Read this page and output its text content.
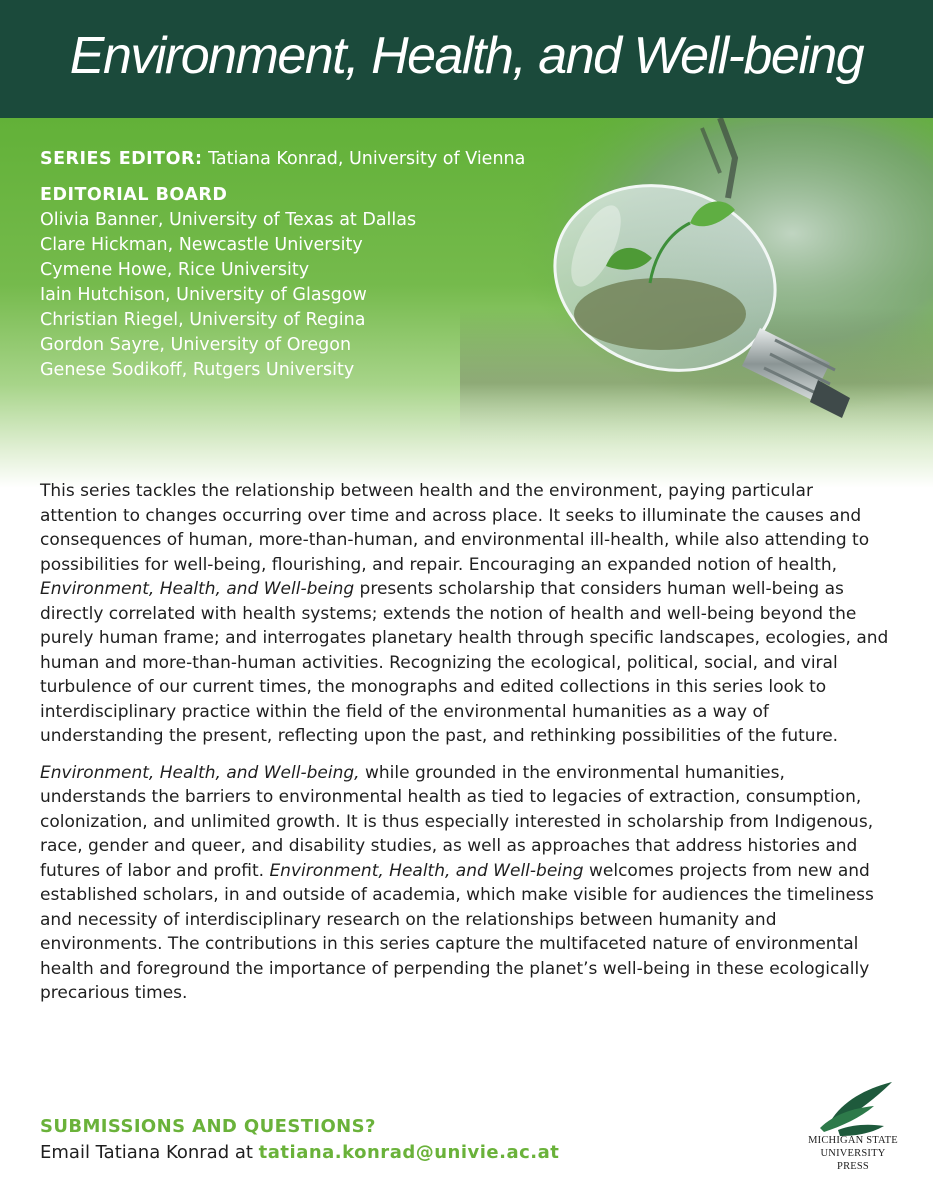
Environment, Health, and Well-being
SERIES EDITOR: Tatiana Konrad, University of Vienna
EDITORIAL BOARD
Olivia Banner, University of Texas at Dallas
Clare Hickman, Newcastle University
Cymene Howe, Rice University
Iain Hutchison, University of Glasgow
Christian Riegel, University of Regina
Gordon Sayre, University of Oregon
Genese Sodikoff, Rutgers University

This series tackles the relationship between health and the environment, paying particular attention to changes occurring over time and across place. It seeks to illuminate the causes and consequences of human, more-than-human, and environmental ill-health, while also attending to possibilities for well-being, flourishing, and repair. Encouraging an expanded notion of health, Environment, Health, and Well-being presents scholarship that considers human well-being as directly correlated with health systems; extends the notion of health and well-being beyond the purely human frame; and interrogates planetary health through specific landscapes, ecologies, and human and more-than-human activities. Recognizing the ecological, political, social, and viral turbulence of our current times, the monographs and edited collections in this series look to interdisciplinary practice within the field of the environmental humanities as a way of understanding the present, reflecting upon the past, and rethinking possibilities of the future.

Environment, Health, and Well-being, while grounded in the environmental humanities, understands the barriers to environmental health as tied to legacies of extraction, consumption, colonization, and unlimited growth. It is thus especially interested in scholarship from Indigenous, race, gender and queer, and disability studies, as well as approaches that address histories and futures of labor and profit. Environment, Health, and Well-being welcomes projects from new and established scholars, in and outside of academia, which make visible for audiences the timeliness and necessity of interdisciplinary research on the relationships between humanity and environments. The contributions in this series capture the multifaceted nature of environmental health and foreground the importance of perpending the planet’s well-being in these ecologically precarious times.

SUBMISSIONS AND QUESTIONS?
Email Tatiana Konrad at tatiana.konrad@univie.ac.at
MICHIGAN STATE
UNIVERSITY PRESS
